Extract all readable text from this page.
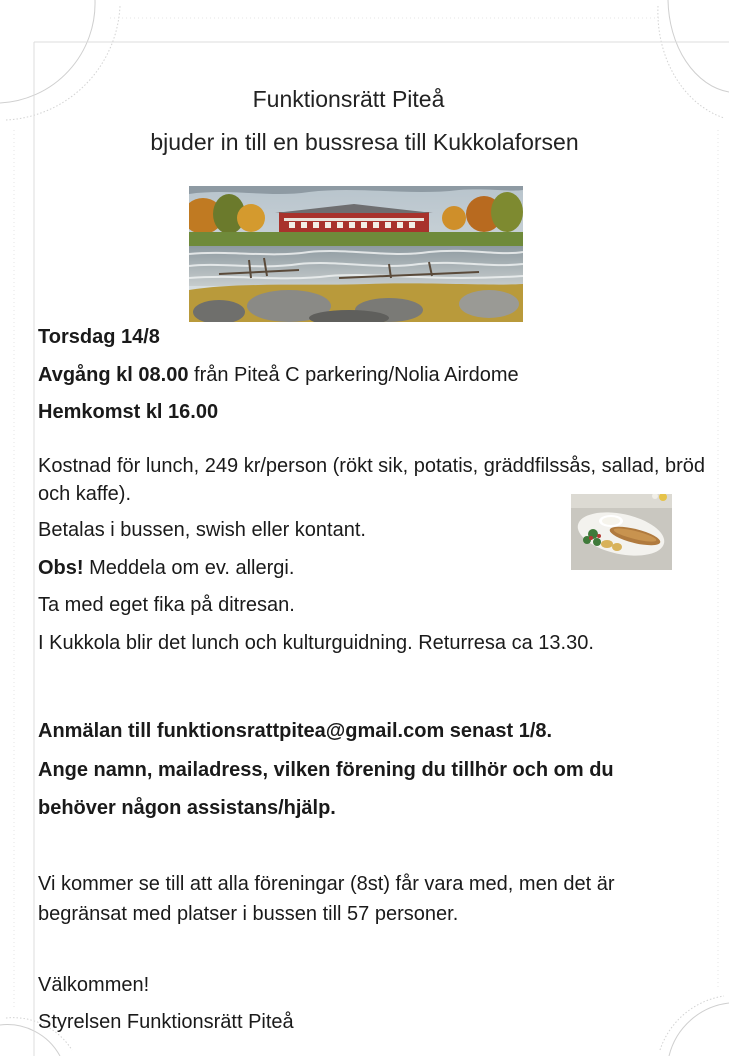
Funktionsrätt Piteå
bjuder in till en bussresa till Kukkolaforsen
Torsdag 14/8
Avgång kl 08.00 från Piteå C parkering/Nolia Airdome
Hemkomst kl 16.00
Kostnad för lunch, 249 kr/person (rökt sik, potatis, gräddfilssås, sallad, bröd och kaffe).
Betalas i bussen, swish eller kontant.
Obs! Meddela om ev. allergi.
Ta med eget fika på ditresan.
I Kukkola blir det lunch och kulturguidning. Returresa ca 13.30.
Anmälan till funktionsrattpitea@gmail.com senast 1/8.
Ange namn, mailadress, vilken förening du tillhör och om du
behöver någon assistans/hjälp.
Vi kommer se till att alla föreningar (8st) får vara med, men det är begränsat med platser i bussen till 57 personer.
Välkommen!
Styrelsen Funktionsrätt Piteå
